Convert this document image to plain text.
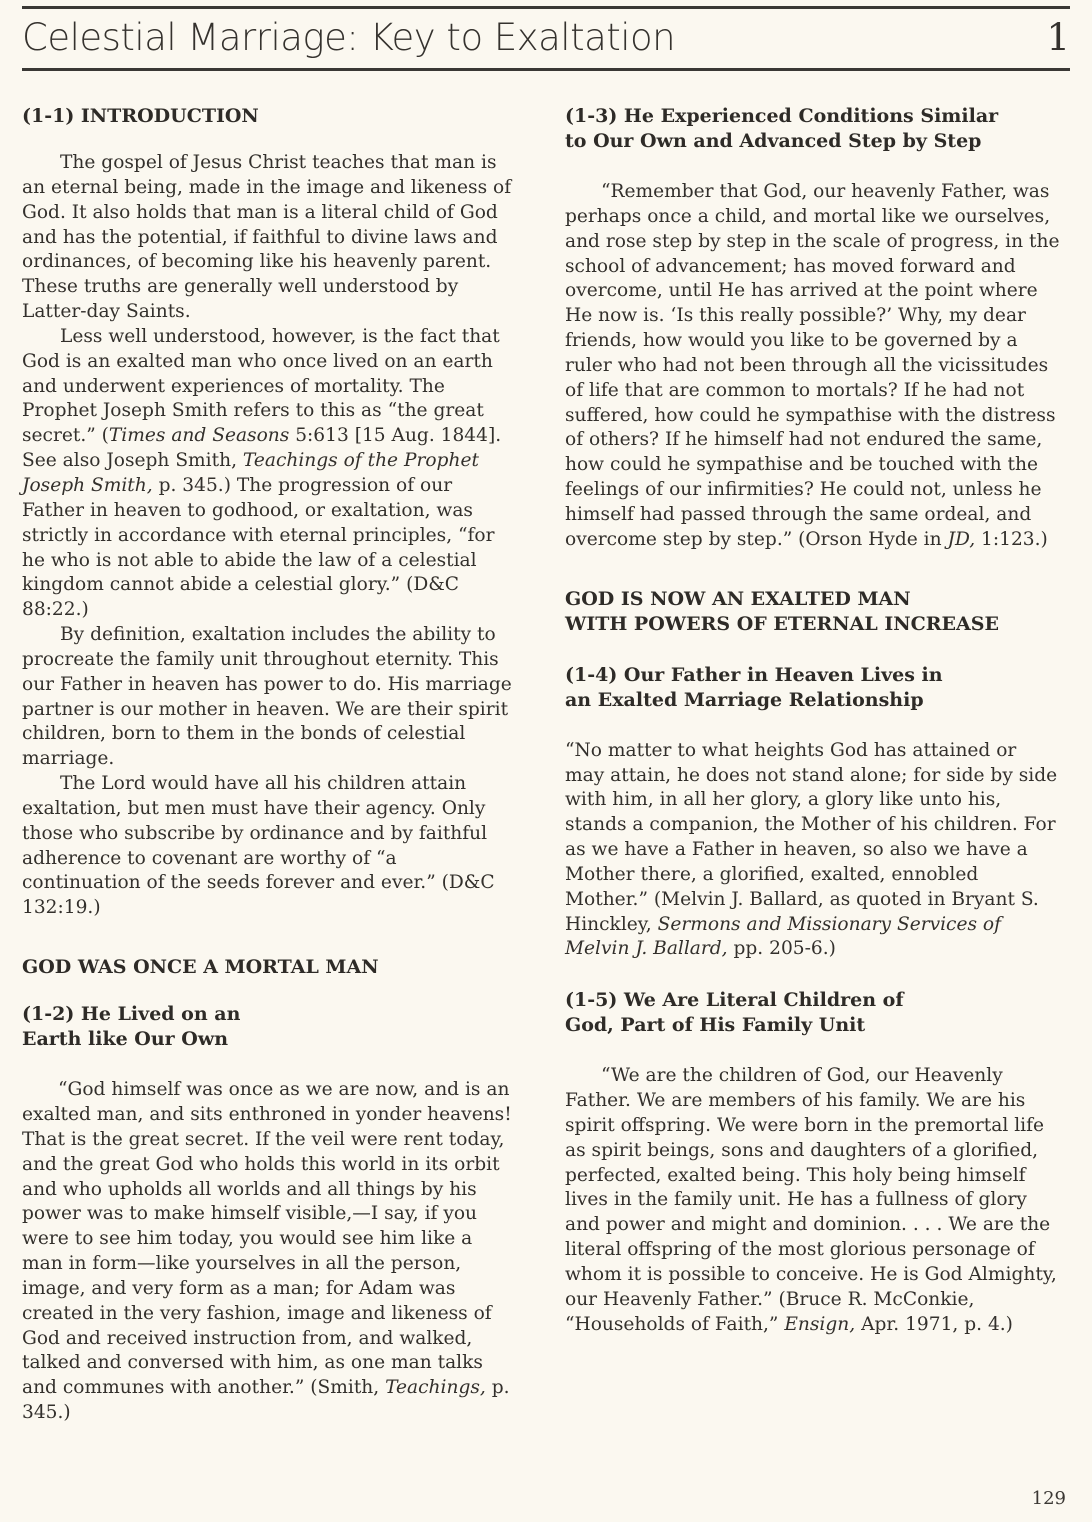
Celestial Marriage: Key to Exaltation	1
(1-1) INTRODUCTION

The gospel of Jesus Christ teaches that man is an eternal being, made in the image and likeness of God. It also holds that man is a literal child of God and has the potential, if faithful to divine laws and ordinances, of becoming like his heavenly parent. These truths are generally well understood by Latter-day Saints.

Less well understood, however, is the fact that God is an exalted man who once lived on an earth and underwent experiences of mortality. The Prophet Joseph Smith refers to this as “the great secret.” (Times and Seasons 5:613 [15 Aug. 1844]. See also Joseph Smith, Teachings of the Prophet Joseph Smith, p. 345.) The progression of our Father in heaven to godhood, or exaltation, was strictly in accordance with eternal principles, “for he who is not able to abide the law of a celestial kingdom cannot abide a celestial glory.” (D&C 88:22.)

By definition, exaltation includes the ability to procreate the family unit throughout eternity. This our Father in heaven has power to do. His marriage partner is our mother in heaven. We are their spirit children, born to them in the bonds of celestial marriage.

The Lord would have all his children attain exaltation, but men must have their agency. Only those who subscribe by ordinance and by faithful adherence to covenant are worthy of “a continuation of the seeds forever and ever.” (D&C 132:19.)

GOD WAS ONCE A MORTAL MAN
(1-2) He Lived on an
Earth like Our Own

“God himself was once as we are now, and is an exalted man, and sits enthroned in yonder heavens! That is the great secret. If the veil were rent today, and the great God who holds this world in its orbit and who upholds all worlds and all things by his power was to make himself visible,—I say, if you were to see him today, you would see him like a man in form—like yourselves in all the person, image, and very form as a man; for Adam was created in the very fashion, image and likeness of God and received instruction from, and walked, talked and conversed with him, as one man talks and communes with another.” (Smith, Teachings, p. 345.)

(1-3) He Experienced Conditions Similar
to Our Own and Advanced Step by Step

“Remember that God, our heavenly Father, was perhaps once a child, and mortal like we ourselves, and rose step by step in the scale of progress, in the school of advancement; has moved forward and overcome, until He has arrived at the point where He now is. ‘Is this really possible?’ Why, my dear friends, how would you like to be governed by a ruler who had not been through all the vicissitudes of life that are common to mortals? If he had not suffered, how could he sympathise with the distress of others? If he himself had not endured the same, how could he sympathise and be touched with the feelings of our infirmities? He could not, unless he himself had passed through the same ordeal, and overcome step by step.” (Orson Hyde in JD, 1:123.)

GOD IS NOW AN EXALTED MAN
WITH POWERS OF ETERNAL INCREASE
(1-4) Our Father in Heaven Lives in
an Exalted Marriage Relationship

“No matter to what heights God has attained or may attain, he does not stand alone; for side by side with him, in all her glory, a glory like unto his, stands a companion, the Mother of his children. For as we have a Father in heaven, so also we have a Mother there, a glorified, exalted, ennobled Mother.” (Melvin J. Ballard, as quoted in Bryant S. Hinckley, Sermons and Missionary Services of Melvin J. Ballard, pp. 205-6.)

(1-5) We Are Literal Children of
God, Part of His Family Unit

“We are the children of God, our Heavenly Father. We are members of his family. We are his spirit offspring. We were born in the premortal life as spirit beings, sons and daughters of a glorified, perfected, exalted being. This holy being himself lives in the family unit. He has a fullness of glory and power and might and dominion. . . . We are the literal offspring of the most glorious personage of whom it is possible to conceive. He is God Almighty, our Heavenly Father.” (Bruce R. McConkie, “Households of Faith,” Ensign, Apr. 1971, p. 4.)

129
